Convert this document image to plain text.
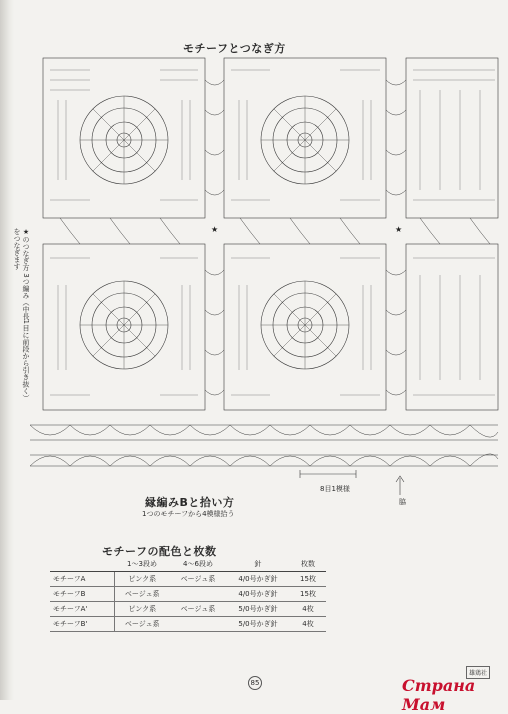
モチーフとつなぎ方
★	★
★のつなぎ方 3つ編み（中長1目に前段から引き抜く）をつなぎます
8目1模様
脇
縁編みBと拾い方
1つのモチーフから4模様拾う
モチーフの配色と枚数
	1〜3段め	4〜6段め	針	枚数
モチーフA	ピンク系	ベージュ系	4/0号かぎ針	15枚
モチーフB	ベージュ系		4/0号かぎ針	15枚
モチーフA'	ピンク系	ベージュ系	5/0号かぎ針	4枚
モチーフB'	ベージュ系		5/0号かぎ針	4枚
雄鶏社
85	Страна Мам
